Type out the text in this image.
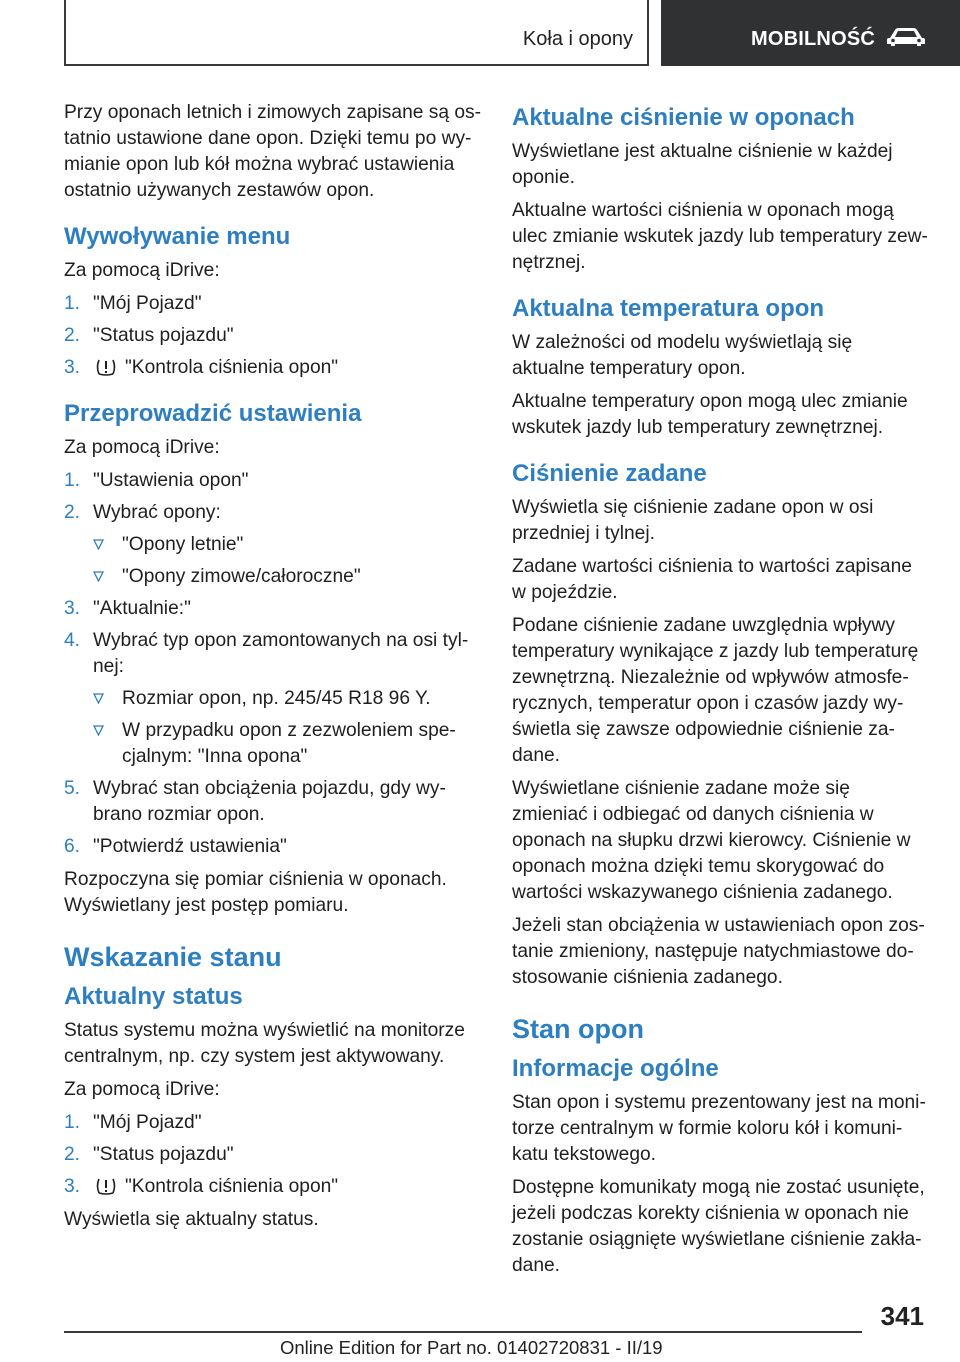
Koła i opony	MOBILNOŚĆ

Przy oponach letnich i zimowych zapisane są ostatnio ustawione dane opon. Dzięki temu po wymianie opon lub kół można wybrać ustawienia ostatnio używanych zestawów opon.

Wywoływanie menu

Za pomocą iDrive:

1. "Mój Pojazd"
2. "Status pojazdu"
3. "Kontrola ciśnienia opon"
Przeprowadzić ustawienia

Za pomocą iDrive:

1. "Ustawienia opon"
2. Wybrać opony:
"Opony letnie"
"Opony zimowe/całoroczne"
3. "Aktualnie:"
4. Wybrać typ opon zamontowanych na osi tylnej:
Rozmiar opon, np. 245/45 R18 96 Y.
W przypadku opon z zezwoleniem specjalnym: "Inna opona"
5. Wybrać stan obciążenia pojazdu, gdy wybrano rozmiar opon.
6. "Potwierdź ustawienia"

Rozpoczyna się pomiar ciśnienia w oponach. Wyświetlany jest postęp pomiaru.

Wskazanie stanu
Aktualny status

Status systemu można wyświetlić na monitorze centralnym, np. czy system jest aktywowany.

Za pomocą iDrive:

1. "Mój Pojazd"
2. "Status pojazdu"
3. "Kontrola ciśnienia opon"

Wyświetla się aktualny status.

Aktualne ciśnienie w oponach

Wyświetlane jest aktualne ciśnienie w każdej oponie.

Aktualne wartości ciśnienia w oponach mogą ulec zmianie wskutek jazdy lub temperatury zewnętrznej.

Aktualna temperatura opon

W zależności od modelu wyświetlają się aktualne temperatury opon.

Aktualne temperatury opon mogą ulec zmianie wskutek jazdy lub temperatury zewnętrznej.

Ciśnienie zadane

Wyświetla się ciśnienie zadane opon w osi przedniej i tylnej.

Zadane wartości ciśnienia to wartości zapisane w pojeździe.

Podane ciśnienie zadane uwzględnia wpływy temperatury wynikające z jazdy lub temperaturę zewnętrzną. Niezależnie od wpływów atmosferycznych, temperatur opon i czasów jazdy wyświetla się zawsze odpowiednie ciśnienie zadane.

Wyświetlane ciśnienie zadane może się zmieniać i odbiegać od danych ciśnienia w oponach na słupku drzwi kierowcy. Ciśnienie w oponach można dzięki temu skorygować do wartości wskazywanego ciśnienia zadanego.

Jeżeli stan obciążenia w ustawieniach opon zostanie zmieniony, następuje natychmiastowe dostosowanie ciśnienia zadanego.

Stan opon
Informacje ogólne

Stan opon i systemu prezentowany jest na monitorze centralnym w formie koloru kół i komunikatu tekstowego.

Dostępne komunikaty mogą nie zostać usunięte, jeżeli podczas korekty ciśnienia w oponach nie zostanie osiągnięte wyświetlane ciśnienie zakładane.

341
Online Edition for Part no. 01402720831 - II/19
